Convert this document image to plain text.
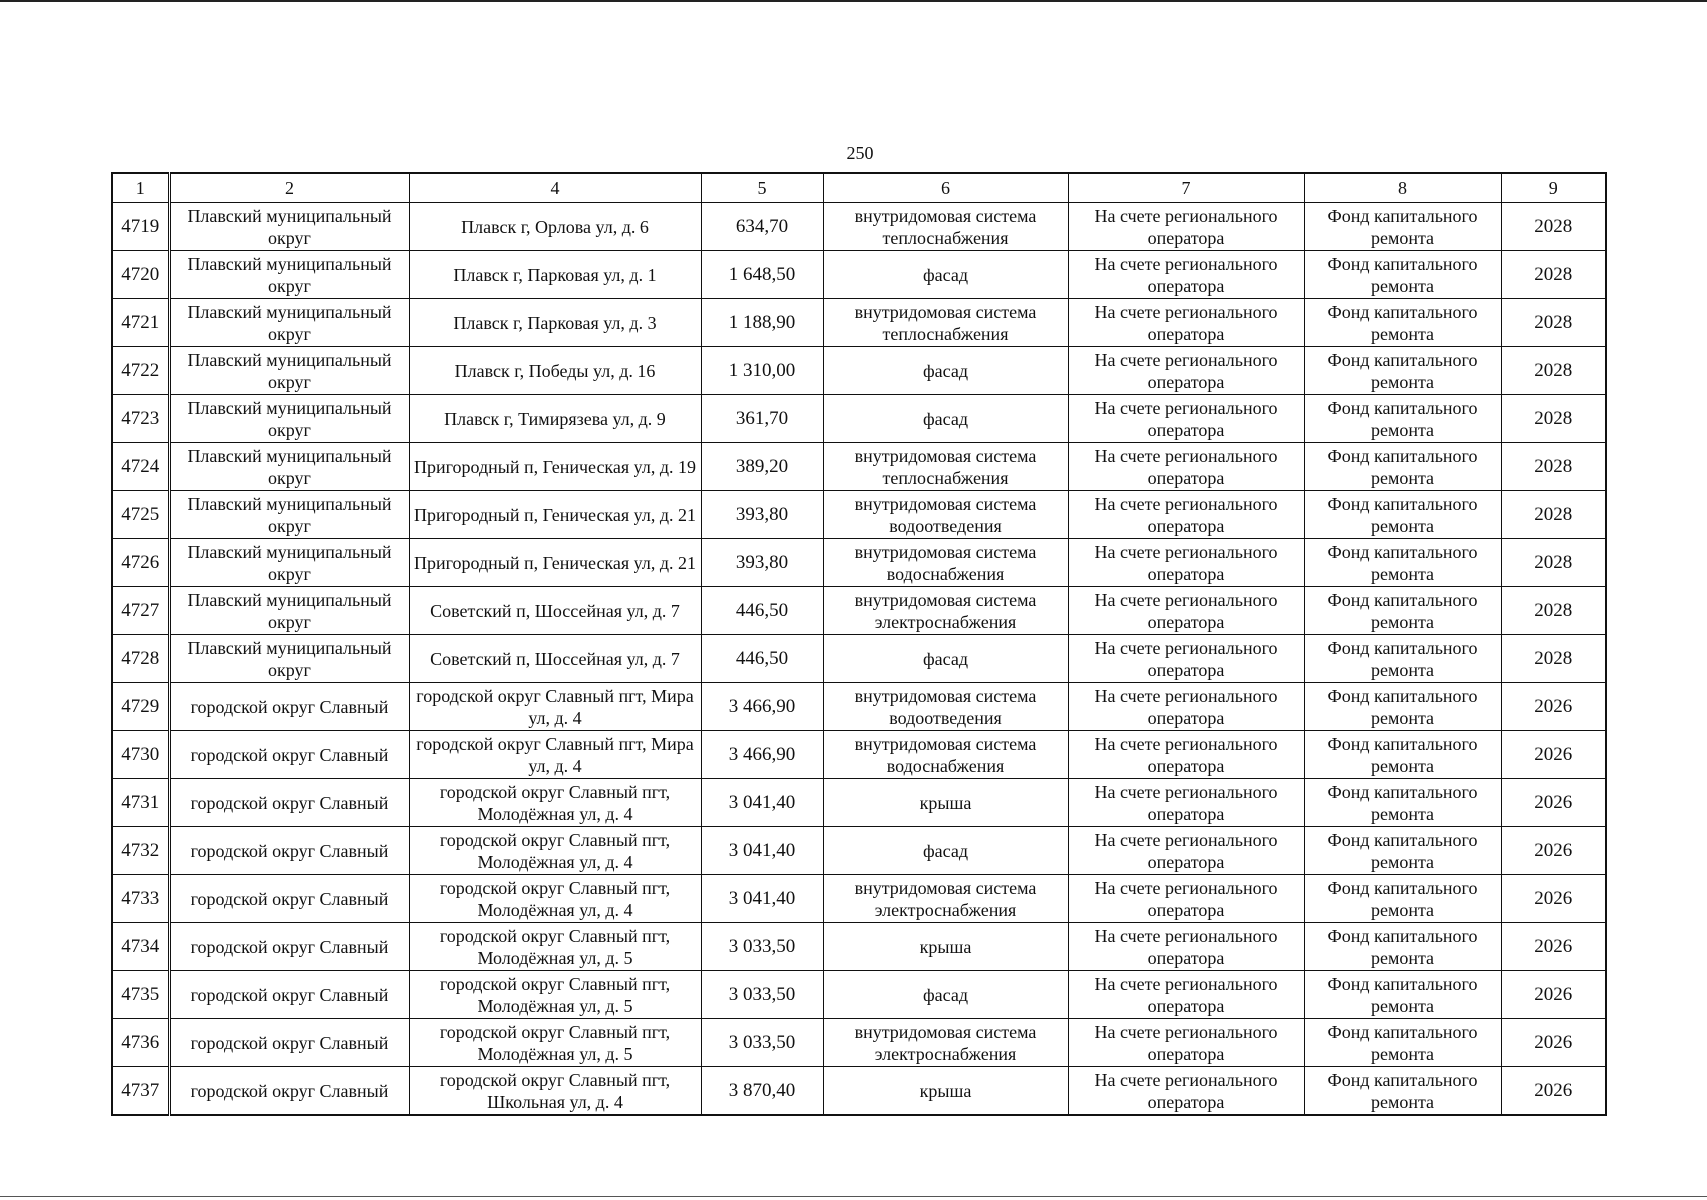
250
1	2	4	5	6	7	8	9
4719	Плавский муниципальный округ	Плавск г, Орлова ул, д. 6	634,70	внутридомовая система теплоснабжения	На счете регионального оператора	Фонд капитального ремонта	2028
4720	Плавский муниципальный округ	Плавск г, Парковая ул, д. 1	1 648,50	фасад	На счете регионального оператора	Фонд капитального ремонта	2028
4721	Плавский муниципальный округ	Плавск г, Парковая ул, д. 3	1 188,90	внутридомовая система теплоснабжения	На счете регионального оператора	Фонд капитального ремонта	2028
4722	Плавский муниципальный округ	Плавск г, Победы ул, д. 16	1 310,00	фасад	На счете регионального оператора	Фонд капитального ремонта	2028
4723	Плавский муниципальный округ	Плавск г, Тимирязева ул, д. 9	361,70	фасад	На счете регионального оператора	Фонд капитального ремонта	2028
4724	Плавский муниципальный округ	Пригородный п, Геническая ул, д. 19	389,20	внутридомовая система теплоснабжения	На счете регионального оператора	Фонд капитального ремонта	2028
4725	Плавский муниципальный округ	Пригородный п, Геническая ул, д. 21	393,80	внутридомовая система водоотведения	На счете регионального оператора	Фонд капитального ремонта	2028
4726	Плавский муниципальный округ	Пригородный п, Геническая ул, д. 21	393,80	внутридомовая система водоснабжения	На счете регионального оператора	Фонд капитального ремонта	2028
4727	Плавский муниципальный округ	Советский п, Шоссейная ул, д. 7	446,50	внутридомовая система электроснабжения	На счете регионального оператора	Фонд капитального ремонта	2028
4728	Плавский муниципальный округ	Советский п, Шоссейная ул, д. 7	446,50	фасад	На счете регионального оператора	Фонд капитального ремонта	2028
4729	городской округ Славный	городской округ Славный пгт, Мира ул, д. 4	3 466,90	внутридомовая система водоотведения	На счете регионального оператора	Фонд капитального ремонта	2026
4730	городской округ Славный	городской округ Славный пгт, Мира ул, д. 4	3 466,90	внутридомовая система водоснабжения	На счете регионального оператора	Фонд капитального ремонта	2026
4731	городской округ Славный	городской округ Славный пгт, Молодёжная ул, д. 4	3 041,40	крыша	На счете регионального оператора	Фонд капитального ремонта	2026
4732	городской округ Славный	городской округ Славный пгт, Молодёжная ул, д. 4	3 041,40	фасад	На счете регионального оператора	Фонд капитального ремонта	2026
4733	городской округ Славный	городской округ Славный пгт, Молодёжная ул, д. 4	3 041,40	внутридомовая система электроснабжения	На счете регионального оператора	Фонд капитального ремонта	2026
4734	городской округ Славный	городской округ Славный пгт, Молодёжная ул, д. 5	3 033,50	крыша	На счете регионального оператора	Фонд капитального ремонта	2026
4735	городской округ Славный	городской округ Славный пгт, Молодёжная ул, д. 5	3 033,50	фасад	На счете регионального оператора	Фонд капитального ремонта	2026
4736	городской округ Славный	городской округ Славный пгт, Молодёжная ул, д. 5	3 033,50	внутридомовая система электроснабжения	На счете регионального оператора	Фонд капитального ремонта	2026
4737	городской округ Славный	городской округ Славный пгт, Школьная ул, д. 4	3 870,40	крыша	На счете регионального оператора	Фонд капитального ремонта	2026
